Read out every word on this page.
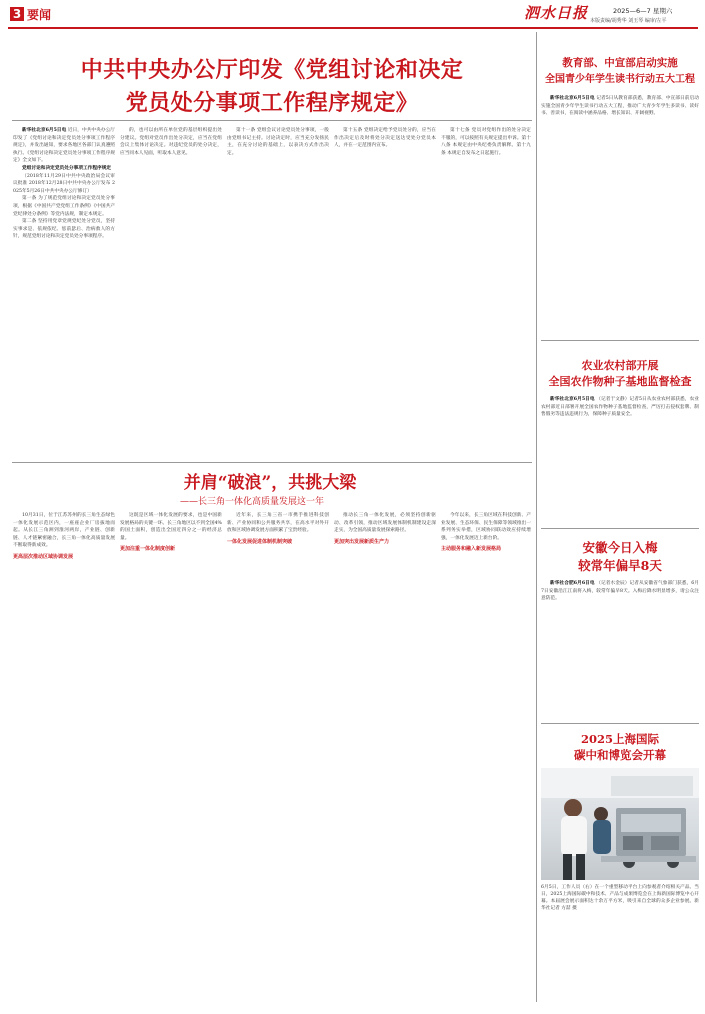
3 要闻	泗水日报	2025—6—7 星期六
本版责编/胡秀华 刘玉琴 编审/左平
中共中央办公厅印发《党组讨论和决定
党员处分事项工作程序规定》

新华社北京6月5日电 近日，中共中央办公厅印发了《党组讨论和决定党员处分事项工作程序规定》，并发出通知，要求各地区各部门认真遵照执行。《党组讨论和决定党员处分事项工作程序规定》全文如下。

党组讨论和决定党员处分事项工作程序规定

（2018年11月29日中共中央政治局会议审议批准 2018年12月28日中共中央办公厅发布 2025年5月26日中共中央办公厅修订）

第一条 为了规范党组讨论和决定党员处分事项，根据《中国共产党党组工作条例》《中国共产党纪律处分条例》等党内法规，制定本规定。

第二条 坚持用党章党规党纪处分党员，坚持实事求是、依规依纪、惩前毖后、治病救人的方针，规范党组讨论和决定党员处分事项程序。

的，也可以由所在单位党的基层组织提出处分建议。党组对党员作出处分决定，应当在党组会议上集体讨论决定。对违纪党员的处分决定，应当同本人见面，听取本人意见。

第十一条 党组会议讨论党员处分事项，一般由党组书记主持。讨论决定时，应当充分发扬民主，在充分讨论的基础上，以表决方式作出决定。

第十五条 党组决定给予党员处分的，应当在作出决定后及时将处分决定送达受处分党员本人，并在一定范围内宣布。

第十七条 党员对党组作出的处分决定不服的，可以按照有关规定提出申诉。第十八条 本规定由中央纪委负责解释。第十九条 本规定自发布之日起施行。

教育部、中宣部启动实施
全国青少年学生读书行动五大工程

新华社北京6月5日电 记者5日从教育部获悉，教育部、中宣部日前启动实施全国青少年学生读书行动五大工程，推动广大青少年学生多读书、读好书、善读书，在阅读中涵养品格、增长知识、开阔视野。

农业农村部开展
全国农作物种子基地监督检查

新华社北京6月5日电 （记者于文静）记者5日从农业农村部获悉，农业农村部近日部署开展全国农作物种子基地监督检查，严厉打击侵权套牌、制售假劣等违法违规行为，保障种子质量安全。

安徽今日入梅
较常年偏早8天

新华社合肥6月6日电 （记者水金辰）记者从安徽省气象部门获悉，6月7日安徽沿江江南将入梅，较常年偏早8天。入梅后降水明显增多，请公众注意防范。

2025上海国际
碳中和博览会开幕

6月5日，工作人员（右）在一个重型移动平台上向参观者介绍相关产品。当日，2025上海国际碳中和技术、产品与成果博览会在上海新国际博览中心开幕。本届展会展示面积达十余万平方米，吸引来自全球的众多企业参展。新华社记者 方喆 摄

并肩“破浪”，共挑大梁
——长三角一体化高质量发展这一年

10月31日，位于江苏苏州的长三角生态绿色一体化发展示范区内，一座座企业厂房拔地而起。从长江三角洲到淮河两岸，产业链、创新链、人才链紧密融合，长三角一体化高质量发展不断取得新成效。

更高层次推动区域协调发展

这既是区域一体化发展的要求，也是中国新发展格局的关键一环。长三角地区以不到全国4%的国土面积，创造出全国近四分之一的经济总量。

更加注重一体化制度创新

近年来，长三角三省一市携手推进科技创新、产业协同和公共服务共享，在高水平对外开放和区域协调发展方面积累了宝贵经验。

一体化发展促进体制机制突破

推动长三角一体化发展，必须坚持创新驱动、改革引领，推动区域发展体制机制建设走深走实，为全国高质量发展探索路径。

更加突出发展新质生产力

今年以来，长三角区域在科技创新、产业发展、生态环保、民生保障等领域推出一系列务实举措，区域协同联动效应持续增强，一体化发展迈上新台阶。

主动服务和融入新发展格局
